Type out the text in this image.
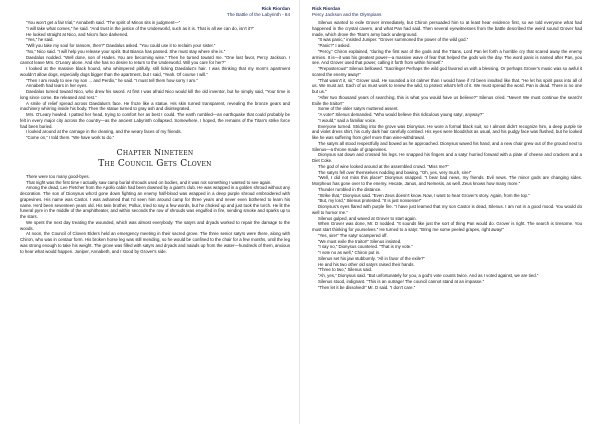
Rick Riordan
The Battle of the Labyrinth - 84

“You won't get a fair trial,” Annabeth said. “The spirit of Minos sits in judgment—”

“I will take what comes,” he said. “And trust in the justice of the Underworld, such as it is. That is all we can do, isn't it?”

He looked straight at Nico, and Nico's face darkened.

“Yes,” he said.

“Will you take my soul for ransom, then?” Daedalus asked. “You could use it to reclaim your sister.”

“No,” Nico said. “I will help you release your spirit. But Bianca has passed. She must stay where she is.”

Daedalus nodded. “Well done, son of Hades. You are becoming wise.” Then he turned toward me. “One last favor, Percy Jackson. I cannot leave Mrs. O'Leary alone. And she has no desire to return to the Underworld. Will you care for her?”

I looked at the massive black hound, who whimpered pitifully, still licking Daedalus's hair. I was thinking that my mom's apartment wouldn't allow dogs, especially dogs bigger than the apartment, but I said, “Yeah. Of course I will.”

“Then I am ready to see my son ... and Perdix,” he said. “I must tell them how sorry I am.”

Annabeth had tears in her eyes.

Daedalus turned toward Nico, who drew his sword. At first I was afraid Nico would kill the old inventor, but he simply said, “Your time is long since come. Be released and rest.”

A smile of relief spread across Daedalus's face. He froze like a statue. His skin turned transparent, revealing the bronze gears and machinery whirring inside his body. Then the statue turned to gray ash and disintegrated.

Mrs. O'Leary howled. I patted her head, trying to comfort her as best I could. The earth rumbled—an earthquake that could probably be felt in every major city across the country—as the ancient Labyrinth collapsed. Somewhere, I hoped, the remains of the Titan's strike force had been buried.

I looked around at the carnage in the clearing, and the weary faces of my friends.

“Come on,” I told them. “We have work to do.”

Chapter Nineteen
The Council Gets Cloven

There were too many good-byes.

That night was the first time I actually saw camp burial shrouds used on bodies, and it was not something I wanted to see again.

Among the dead, Lee Fletcher from the Apollo cabin had been downed by a giant's club. He was wrapped in a golden shroud without any decoration. The son of Dionysus who'd gone down fighting an enemy half-blood was wrapped in a deep purple shroud embroidered with grapevines. His name was Castor. I was ashamed that I'd seen him around camp for three years and never even bothered to learn his name. He'd been seventeen years old. His twin brother, Pollux, tried to say a few words, but he choked up and just took the torch. He lit the funeral pyre in the middle of the amphitheater, and within seconds the row of shrouds was engulfed in fire, sending smoke and sparks up to the stars.

We spent the next day treating the wounded, which was almost everybody. The satyrs and dryads worked to repair the damage to the woods.

At noon, the Council of Cloven Elders held an emergency meeting in their sacred grove. The three senior satyrs were there, along with Chiron, who was in centaur form. His broken horse leg was still mending, so he would be confined to the chair for a few months, until the leg was strong enough to take his weight. The grove was filled with satyrs and dryads and naiads up from the water—hundreds of them, anxious to hear what would happen. Juniper, Annabeth, and I stood by Grover's side.

Rick Riordan
Percy Jackson and the Olympians

Silenus wanted to exile Grover immediately, but Chiron persuaded him to at least hear evidence first, so we told everyone what had happened in the crystal cavern, and what Pan had said. Then several eyewitnesses from the battle described the weird sound Grover had made, which drove the Titan's army back underground.

“It was panic,” insisted Juniper. “Grover summoned the power of the wild god.”

“Panic?” I asked.

“Percy,” Chiron explained, “during the first war of the gods and the Titans, Lord Pan let forth a horrible cry that scared away the enemy armies. It is—it was his greatest power—a massive wave of fear that helped the gods win the day. The word panic is named after Pan, you see. And Grover used that power, calling it forth from within himself.”

“Preposterous!” Silenus bellowed. “Sacrilege! Perhaps the wild god favored us with a blessing. Or perhaps Grover's music was so awful it scared the enemy away!”

“That wasn't it, sir,” Grover said. He sounded a lot calmer than I would have if I'd been insulted like that. “He let his spirit pass into all of us. We must act. Each of us must work to renew the wild, to protect what's left of it. We must spread the word. Pan is dead. There is no one but us.”

“After two thousand years of searching, this is what you would have us believe?” Silenus cried. “Never! We must continue the search! Exile the traitor!”

Some of the older satyrs muttered assent.

“A vote!” Silenus demanded. “Who would believe this ridiculous young satyr, anyway?”

“I would,” said a familiar voice.

Everyone turned. Striding into the grove was Dionysus. He wore a formal black suit, so I almost didn't recognize him, a deep purple tie and violet dress shirt, his curly dark hair carefully combed. His eyes were bloodshot as usual, and his pudgy face was flushed, but he looked like he was suffering from grief more than wine-withdrawal.

The satyrs all stood respectfully and bowed as he approached. Dionysus waved his hand, and a new chair grew out of the ground next to Silenus—a throne made of grapevines.

Dionysus sat down and crossed his legs. He snapped his fingers and a satyr hurried forward with a plate of cheese and crackers and a Diet Coke.

The god of wine looked around at the assembled crowd. “Miss me?”

The satyrs fell over themselves nodding and bowing. “Oh, yes, very much, sire!”

“Well, I did not miss this place!” Dionysus snapped. “I bear bad news, my friends. Evil news. The minor gods are changing sides. Morpheus has gone over to the enemy. Hecate, Janus, and Nemesis, as well. Zeus knows how many more.”

Thunder rumbled in the distance.

“Strike that,” Dionysus said. “Even Zeus doesn't know. Now, I want to hear Grover's story. Again, from the top.”

“But, my lord,” Silenus protested. “It is just nonsense!”

Dionysus's eyes flared with purple fire. “I have just learned that my son Castor is dead, Silenus. I am not in a good mood. You would do well to humor me.”

Silenus gulped, and waved at Grover to start again.

When Grover was done, Mr. D nodded. “It sounds like just the sort of thing Pan would do. Grover is right. The search is tiresome. You must start thinking for yourselves.” He turned to a satyr. “Bring me some peeled grapes, right away!”

“Yes, sire!” The satyr scampered off.

“We must exile the traitor!” Silenus insisted.

“I say no,” Dionysus countered. “That is my vote.”

“I vote no as well,” Chiron put in.

Silenus set his jaw stubbornly. “All in favor of the exile?”

He and his two other old satyrs raised their hands.

“Three to two,” Silenus said.

“Ah, yes,” Dionysus said. “But unfortunately for you, a god's vote counts twice. And as I voted against, we are tied.”

Silenus stood, indignant. “This is an outrage! The council cannot stand at an impasse.”

“Then let it be dissolved!” Mr. D said. “I don't care.”
